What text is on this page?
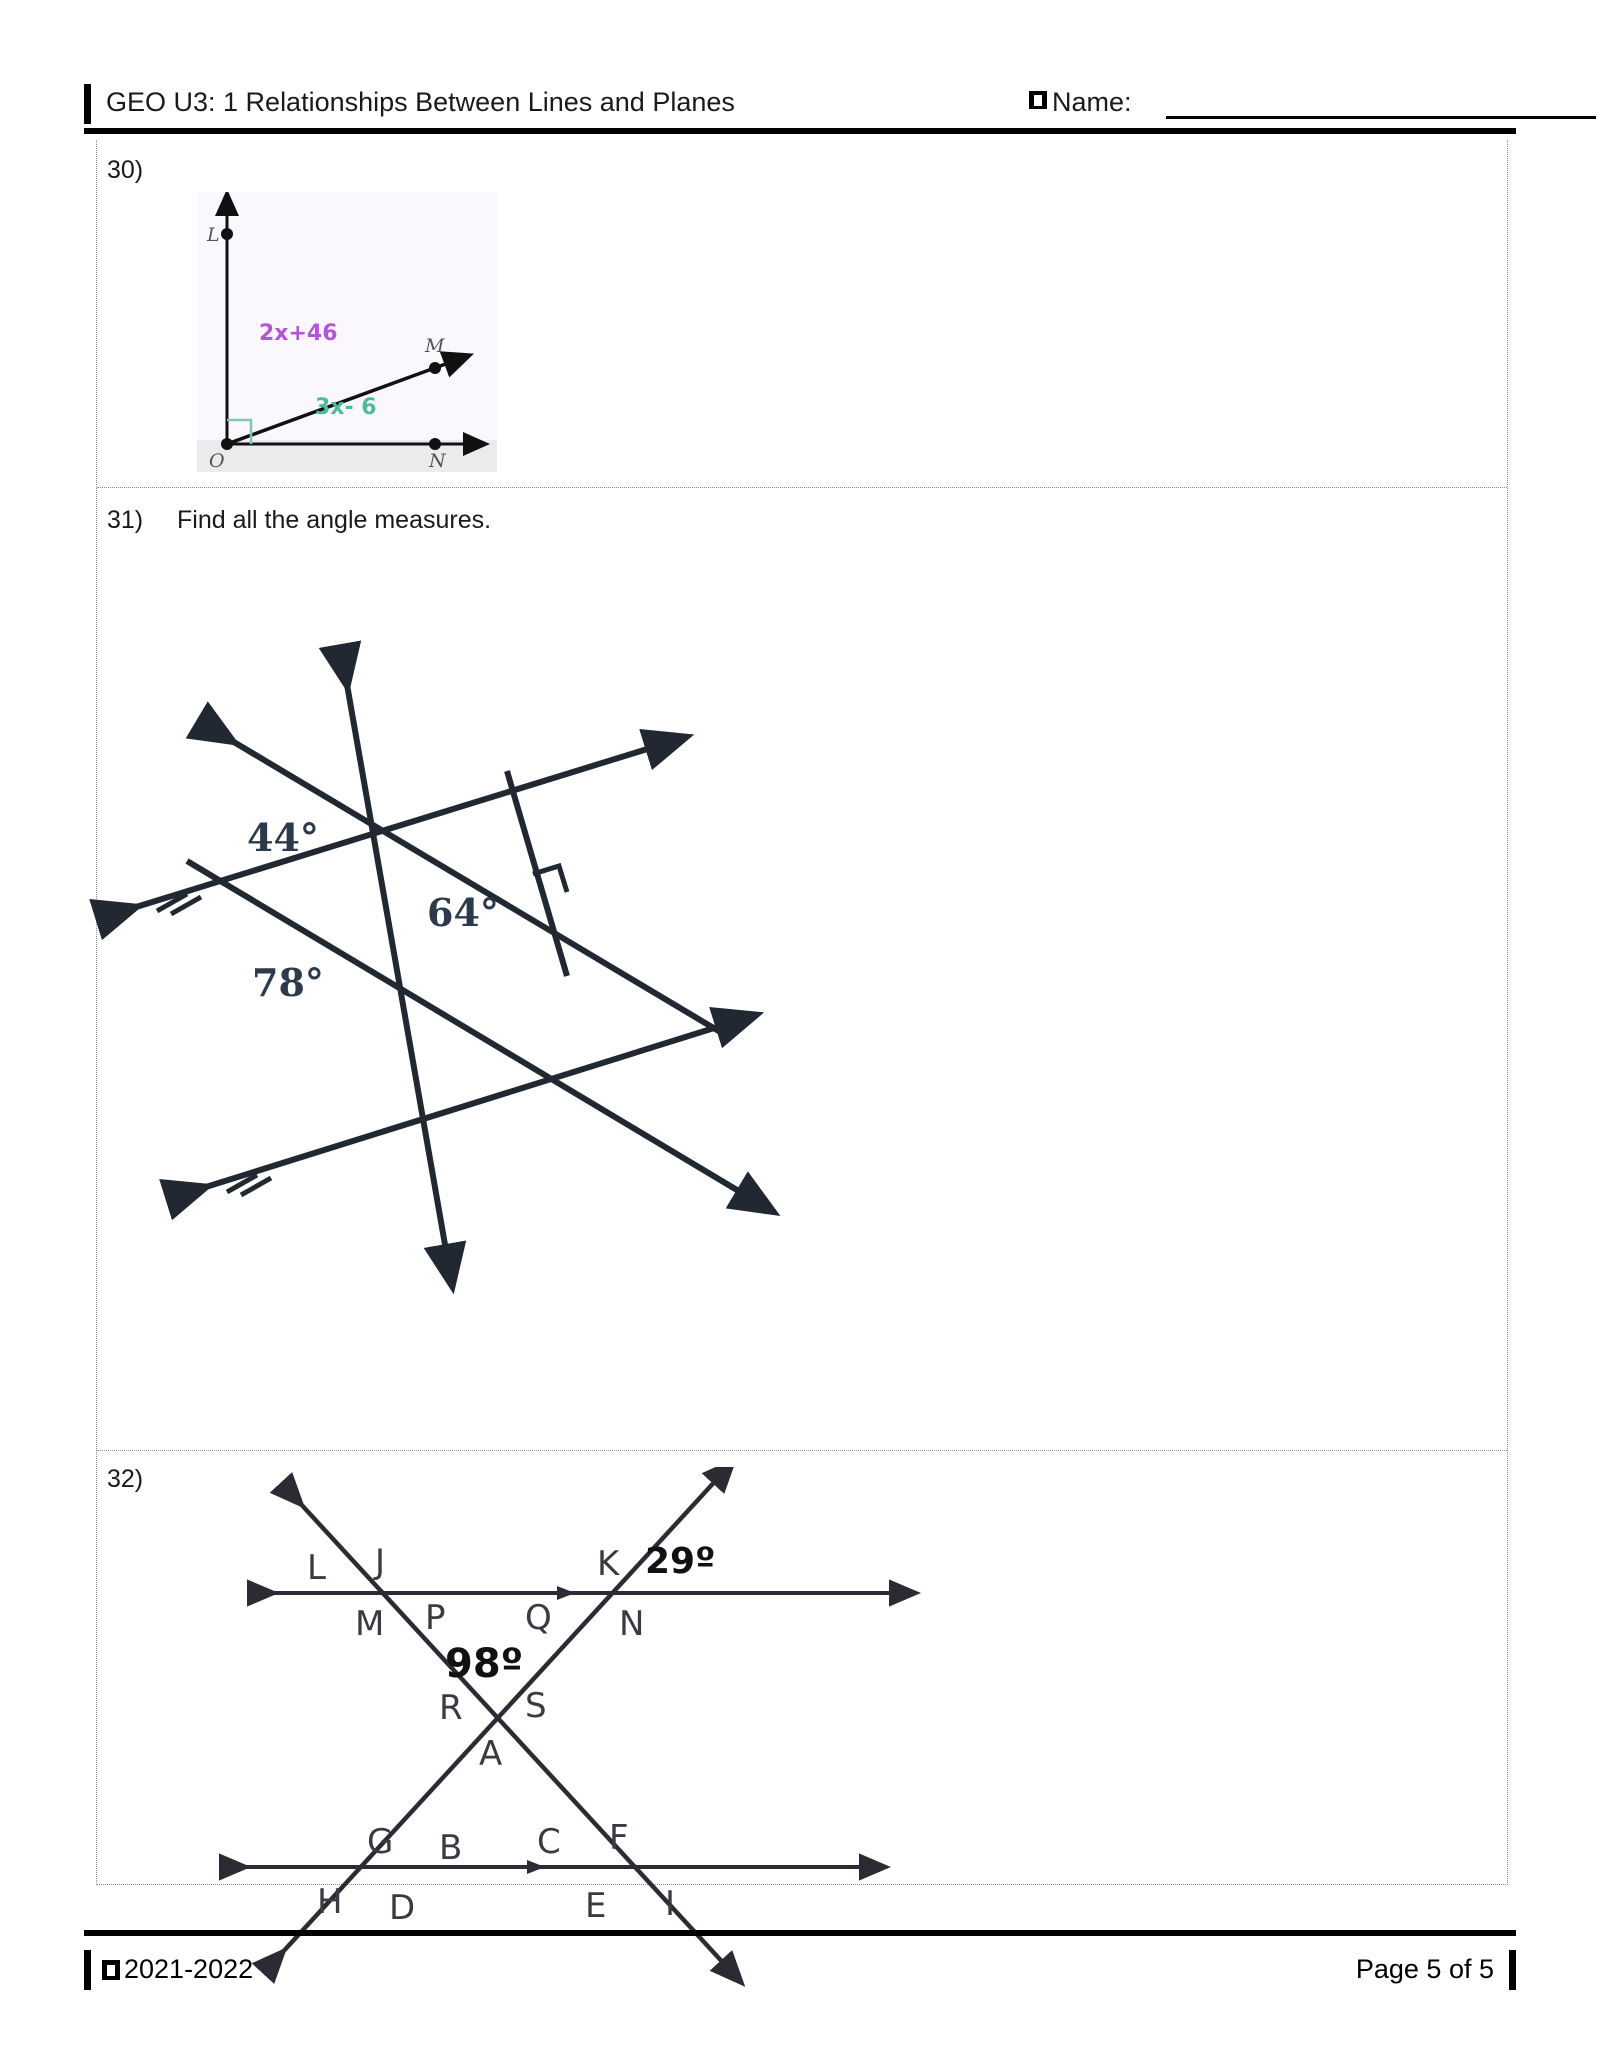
GEO U3: 1 Relationships Between Lines and Planes	Name:
30)
L
M
N
O
2x+46
3x- 6
31) Find all the angle measures.
44°
78°
64°
32)
L J	K
M P Q N
R S
A
G B C F
H D	E I
29º
98º
2021-2022	Page 5 of 5
